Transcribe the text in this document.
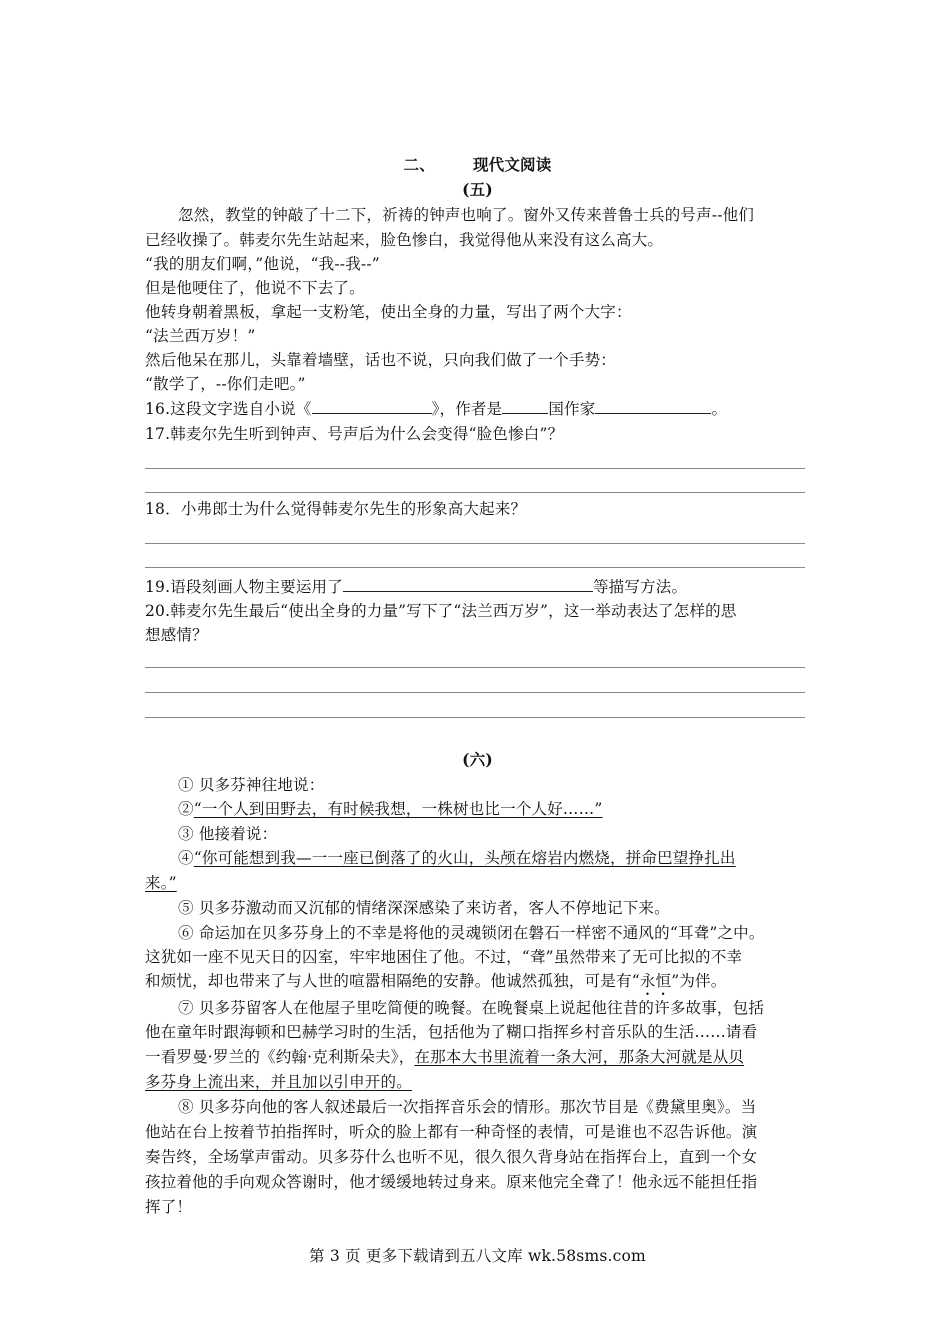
二、 现代文阅读
(五)
忽然，教堂的钟敲了十二下，祈祷的钟声也响了。窗外又传来普鲁士兵的号声--他们
已经收操了。韩麦尔先生站起来，脸色惨白，我觉得他从来没有这么高大。
“我的朋友们啊，”他说，“我--我--”
但是他哽住了，他说不下去了。
他转身朝着黑板，拿起一支粉笔，使出全身的力量，写出了两个大字：
“法兰西万岁！”
然后他呆在那儿，头靠着墙壁，话也不说，只向我们做了一个手势：
“散学了，--你们走吧。”
16.这段文字选自小说《	》，作者是	国作家	。
17.韩麦尔先生听到钟声、号声后为什么会变得“脸色惨白”？
18．小弗郎士为什么觉得韩麦尔先生的形象高大起来？
19.语段刻画人物主要运用了	等描写方法。
20.韩麦尔先生最后“使出全身的力量”写下了“法兰西万岁”，这一举动表达了怎样的思
想感情？
(六)
① 贝多芬神往地说：
②“一个人到田野去，有时候我想，一株树也比一个人好……”
③ 他接着说：
④“你可能想到我—一一座已倒落了的火山，头颅在熔岩内燃烧，拼命巴望挣扎出
来。”
⑤ 贝多芬激动而又沉郁的情绪深深感染了来访者，客人不停地记下来。
⑥ 命运加在贝多芬身上的不幸是将他的灵魂锁闭在磐石一样密不通风的“耳聋”之中。
这犹如一座不见天日的囚室，牢牢地困住了他。不过，“聋”虽然带来了无可比拟的不幸
和烦忧，却也带来了与人世的喧嚣相隔绝的安静。他诚然孤独，可是有“永恒”为伴。
⑦ 贝多芬留客人在他屋子里吃简便的晚餐。在晚餐桌上说起他往昔的许多故事，包括
他在童年时跟海顿和巴赫学习时的生活，包括他为了糊口指挥乡村音乐队的生活……请看
一看罗曼·罗兰的《约翰·克利斯朵夫》，在那本大书里流着一条大河，那条大河就是从贝
多芬身上流出来，并且加以引申开的。
⑧ 贝多芬向他的客人叙述最后一次指挥音乐会的情形。那次节目是《费黛里奥》。当
他站在台上按着节拍指挥时，听众的脸上都有一种奇怪的表情，可是谁也不忍告诉他。演
奏告终，全场掌声雷动。贝多芬什么也听不见，很久很久背身站在指挥台上，直到一个女
孩拉着他的手向观众答谢时，他才缓缓地转过身来。原来他完全聋了！他永远不能担任指
挥了！
第 3 页 更多下载请到五八文库 wk.58sms.com
